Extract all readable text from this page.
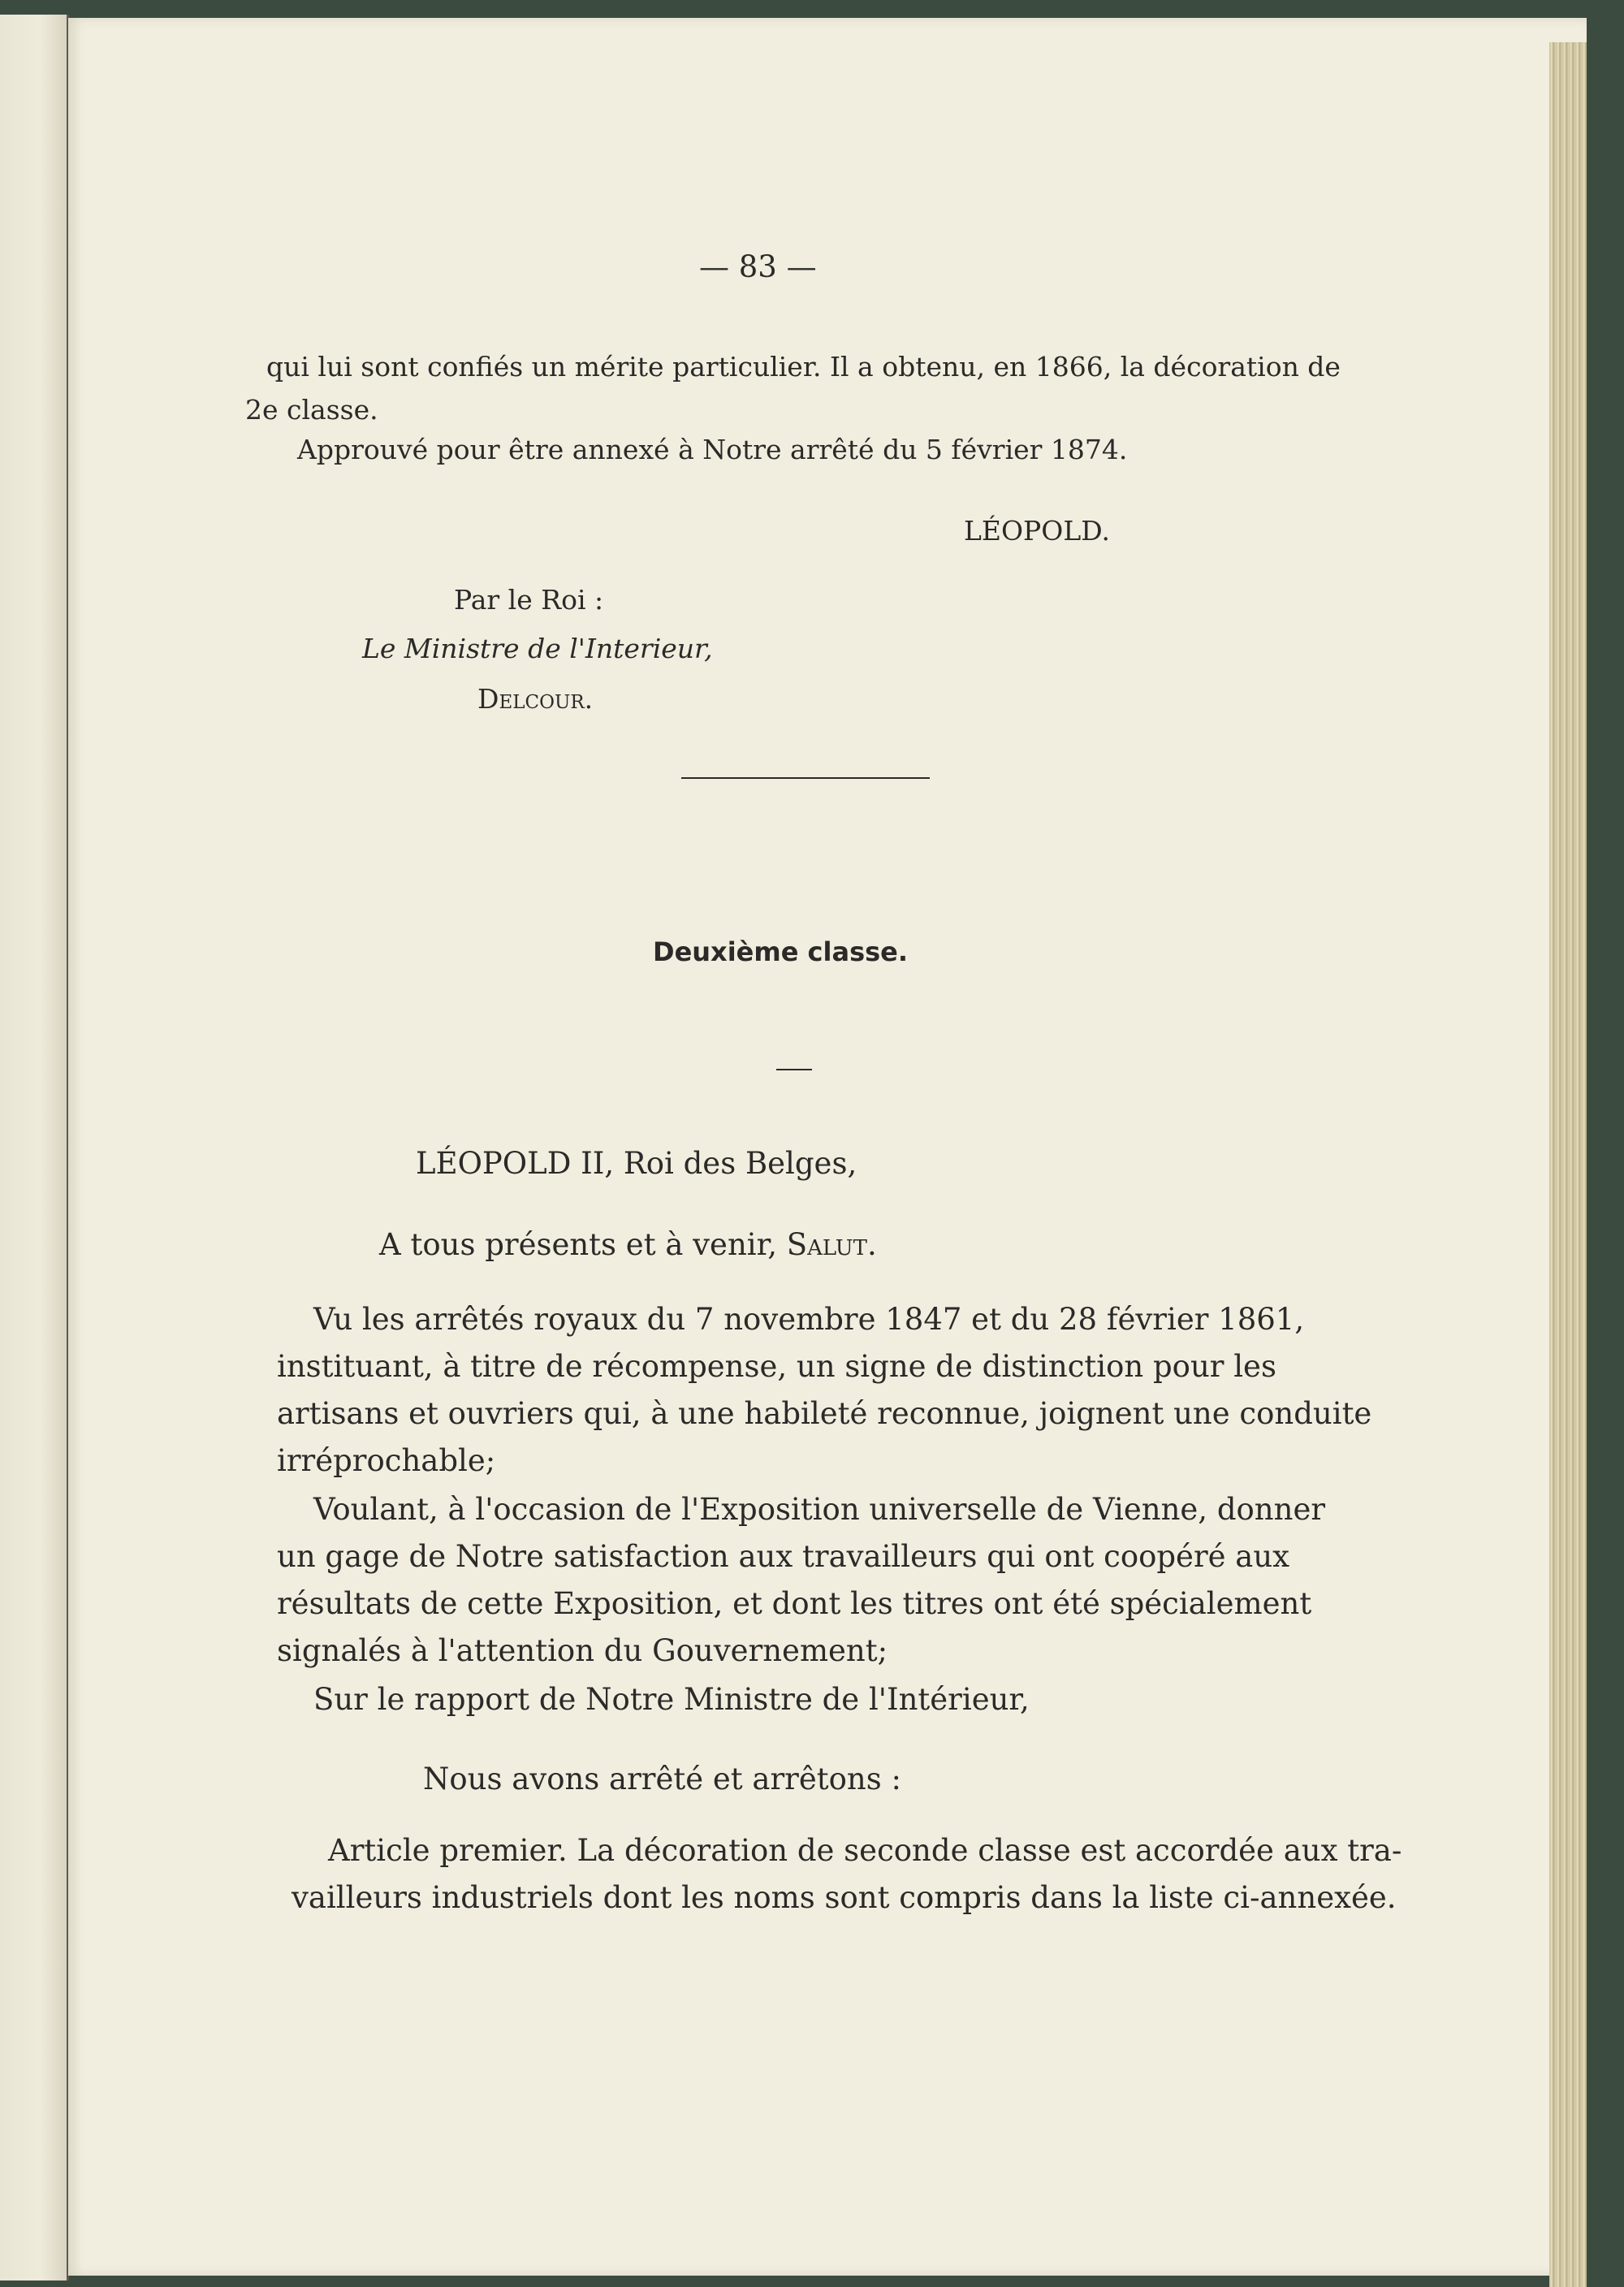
— 83 —
qui lui sont confiés un mérite particulier. Il a obtenu, en 1866, la décoration de
2e classe.
Approuvé pour être annexé à Notre arrêté du 5 février 1874.
LÉOPOLD.
Par le Roi :
Le Ministre de l'Interieur,
Delcour.
Deuxième classe.
LÉOPOLD II, Roi des Belges,
A tous présents et à venir, Salut.
Vu les arrêtés royaux du 7 novembre 1847 et du 28 février 1861,
instituant, à titre de récompense, un signe de distinction pour les
artisans et ouvriers qui, à une habileté reconnue, joignent une conduite
irréprochable;
Voulant, à l'occasion de l'Exposition universelle de Vienne, donner
un gage de Notre satisfaction aux travailleurs qui ont coopéré aux
résultats de cette Exposition, et dont les titres ont été spécialement
signalés à l'attention du Gouvernement;
Sur le rapport de Notre Ministre de l'Intérieur,
Nous avons arrêté et arrêtons :
Article premier. La décoration de seconde classe est accordée aux tra-
vailleurs industriels dont les noms sont compris dans la liste ci-annexée.
